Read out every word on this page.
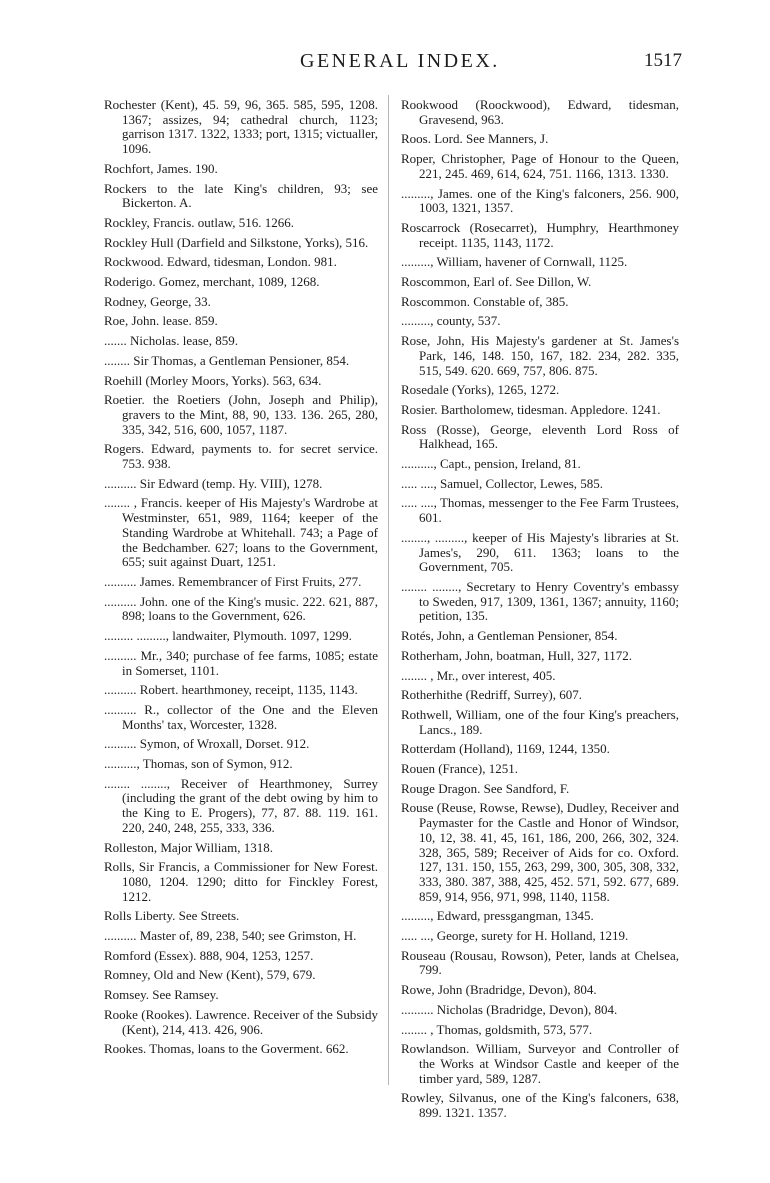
GENERAL INDEX.	1517

Rochester (Kent), 45. 59, 96, 365. 585, 595, 1208. 1367; assizes, 94; cathedral church, 1123; garrison 1317. 1322, 1333; port, 1315; victualler, 1096.

Rochfort, James. 190.

Rockers to the late King's children, 93; see Bickerton. A.

Rockley, Francis. outlaw, 516. 1266.

Rockley Hull (Darfield and Silkstone, Yorks), 516.

Rockwood. Edward, tidesman, London. 981.

Roderigo. Gomez, merchant, 1089, 1268.

Rodney, George, 33.

Roe, John. lease. 859.

....... Nicholas. lease, 859.

........ Sir Thomas, a Gentleman Pensioner, 854.

Roehill (Morley Moors, Yorks). 563, 634.

Roetier. the Roetiers (John, Joseph and Philip), gravers to the Mint, 88, 90, 133. 136. 265, 280, 335, 342, 516, 600, 1057, 1187.

Rogers. Edward, payments to. for secret service. 753. 938.

.......... Sir Edward (temp. Hy. VIII), 1278.

........ , Francis. keeper of His Majesty's Wardrobe at Westminster, 651, 989, 1164; keeper of the Standing Wardrobe at Whitehall. 743; a Page of the Bedchamber. 627; loans to the Government, 655; suit against Duart, 1251.

.......... James. Remembrancer of First Fruits, 277.

.......... John. one of the King's music. 222. 621, 887, 898; loans to the Government, 626.

......... ........., landwaiter, Plymouth. 1097, 1299.

.......... Mr., 340; purchase of fee farms, 1085; estate in Somerset, 1101.

.......... Robert. hearthmoney, receipt, 1135, 1143.

.......... R., collector of the One and the Eleven Months' tax, Worcester, 1328.

.......... Symon, of Wroxall, Dorset. 912.

.........., Thomas, son of Symon, 912.

........ ........, Receiver of Hearthmoney, Surrey (including the grant of the debt owing by him to the King to E. Progers), 77, 87. 88. 119. 161. 220, 240, 248, 255, 333, 336.

Rolleston, Major William, 1318.

Rolls, Sir Francis, a Commissioner for New Forest. 1080, 1204. 1290; ditto for Finckley Forest, 1212.

Rolls Liberty. See Streets.

.......... Master of, 89, 238, 540; see Grimston, H.

Romford (Essex). 888, 904, 1253, 1257.

Romney, Old and New (Kent), 579, 679.

Romsey. See Ramsey.

Rooke (Rookes). Lawrence. Receiver of the Subsidy (Kent), 214, 413. 426, 906.

Rookes. Thomas, loans to the Goverment. 662.

Rookwood (Roockwood), Edward, tidesman, Gravesend, 963.

Roos. Lord. See Manners, J.

Roper, Christopher, Page of Honour to the Queen, 221, 245. 469, 614, 624, 751. 1166, 1313. 1330.

........., James. one of the King's falconers, 256. 900, 1003, 1321, 1357.

Roscarrock (Rosecarret), Humphry, Hearthmoney receipt. 1135, 1143, 1172.

........., William, havener of Cornwall, 1125.

Roscommon, Earl of. See Dillon, W.

Roscommon. Constable of, 385.

........., county, 537.

Rose, John, His Majesty's gardener at St. James's Park, 146, 148. 150, 167, 182. 234, 282. 335, 515, 549. 620. 669, 757, 806. 875.

Rosedale (Yorks), 1265, 1272.

Rosier. Bartholomew, tidesman. Appledore. 1241.

Ross (Rosse), George, eleventh Lord Ross of Halkhead, 165.

.........., Capt., pension, Ireland, 81.

..... ...., Samuel, Collector, Lewes, 585.

..... ...., Thomas, messenger to the Fee Farm Trustees, 601.

........, ........., keeper of His Majesty's libraries at St. James's, 290, 611. 1363; loans to the Government, 705.

........ ........, Secretary to Henry Coventry's embassy to Sweden, 917, 1309, 1361, 1367; annuity, 1160; petition, 135.

Rotés, John, a Gentleman Pensioner, 854.

Rotherham, John, boatman, Hull, 327, 1172.

........ , Mr., over interest, 405.

Rotherhithe (Redriff, Surrey), 607.

Rothwell, William, one of the four King's preachers, Lancs., 189.

Rotterdam (Holland), 1169, 1244, 1350.

Rouen (France), 1251.

Rouge Dragon. See Sandford, F.

Rouse (Reuse, Rowse, Rewse), Dudley, Receiver and Paymaster for the Castle and Honor of Windsor, 10, 12, 38. 41, 45, 161, 186, 200, 266, 302, 324. 328, 365, 589; Receiver of Aids for co. Oxford. 127, 131. 150, 155, 263, 299, 300, 305, 308, 332, 333, 380. 387, 388, 425, 452. 571, 592. 677, 689. 859, 914, 956, 971, 998, 1140, 1158.

........., Edward, pressgangman, 1345.

..... ..., George, surety for H. Holland, 1219.

Rouseau (Rousau, Rowson), Peter, lands at Chelsea, 799.

Rowe, John (Bradridge, Devon), 804.

.......... Nicholas (Bradridge, Devon), 804.

........ , Thomas, goldsmith, 573, 577.

Rowlandson. William, Surveyor and Controller of the Works at Windsor Castle and keeper of the timber yard, 589, 1287.

Rowley, Silvanus, one of the King's falconers, 638, 899. 1321. 1357.
